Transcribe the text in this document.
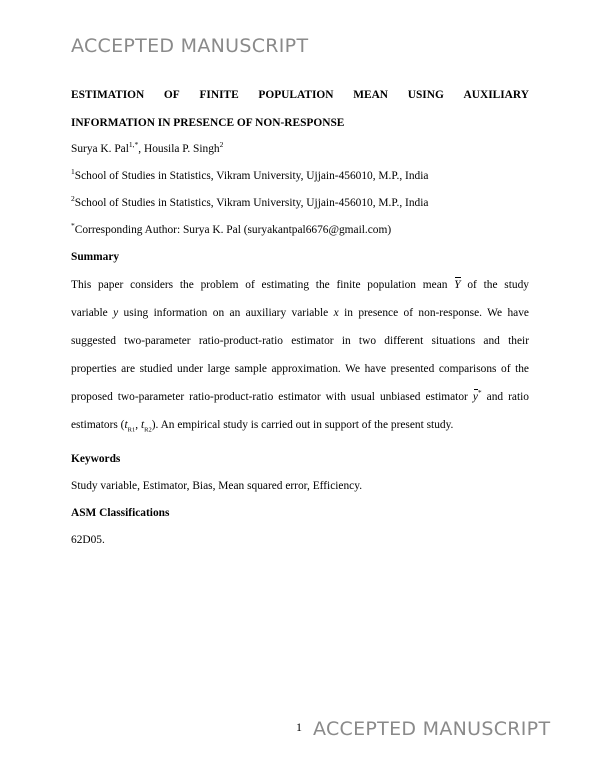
ACCEPTED MANUSCRIPT
ESTIMATION OF FINITE POPULATION MEAN USING AUXILIARY
INFORMATION IN PRESENCE OF NON-RESPONSE
Surya K. Pal$^{1,*}$, Housila P. Singh$^2$
$^1$School of Studies in Statistics, Vikram University, Ujjain-456010, M.P., India
$^2$School of Studies in Statistics, Vikram University, Ujjain-456010, M.P., India
*Corresponding Author: Surya K. Pal (suryakantpal6676@gmail.com)
Summary
This paper considers the problem of estimating the finite population mean Y of the study
variable y using information on an auxiliary variable x in presence of non-response. We have
suggested two-parameter ratio-product-ratio estimator in two different situations and their
properties are studied under large sample approximation. We have presented comparisons of the
proposed two-parameter ratio-product-ratio estimator with usual unbiased estimator y* and ratio
estimators ($t_{R1}$, $t_{R2}$). An empirical study is carried out in support of the present study.
Keywords
Study variable, Estimator, Bias, Mean squared error, Efficiency.
ASM Classifications
62D05.
1 ACCEPTED MANUSCRIPT
